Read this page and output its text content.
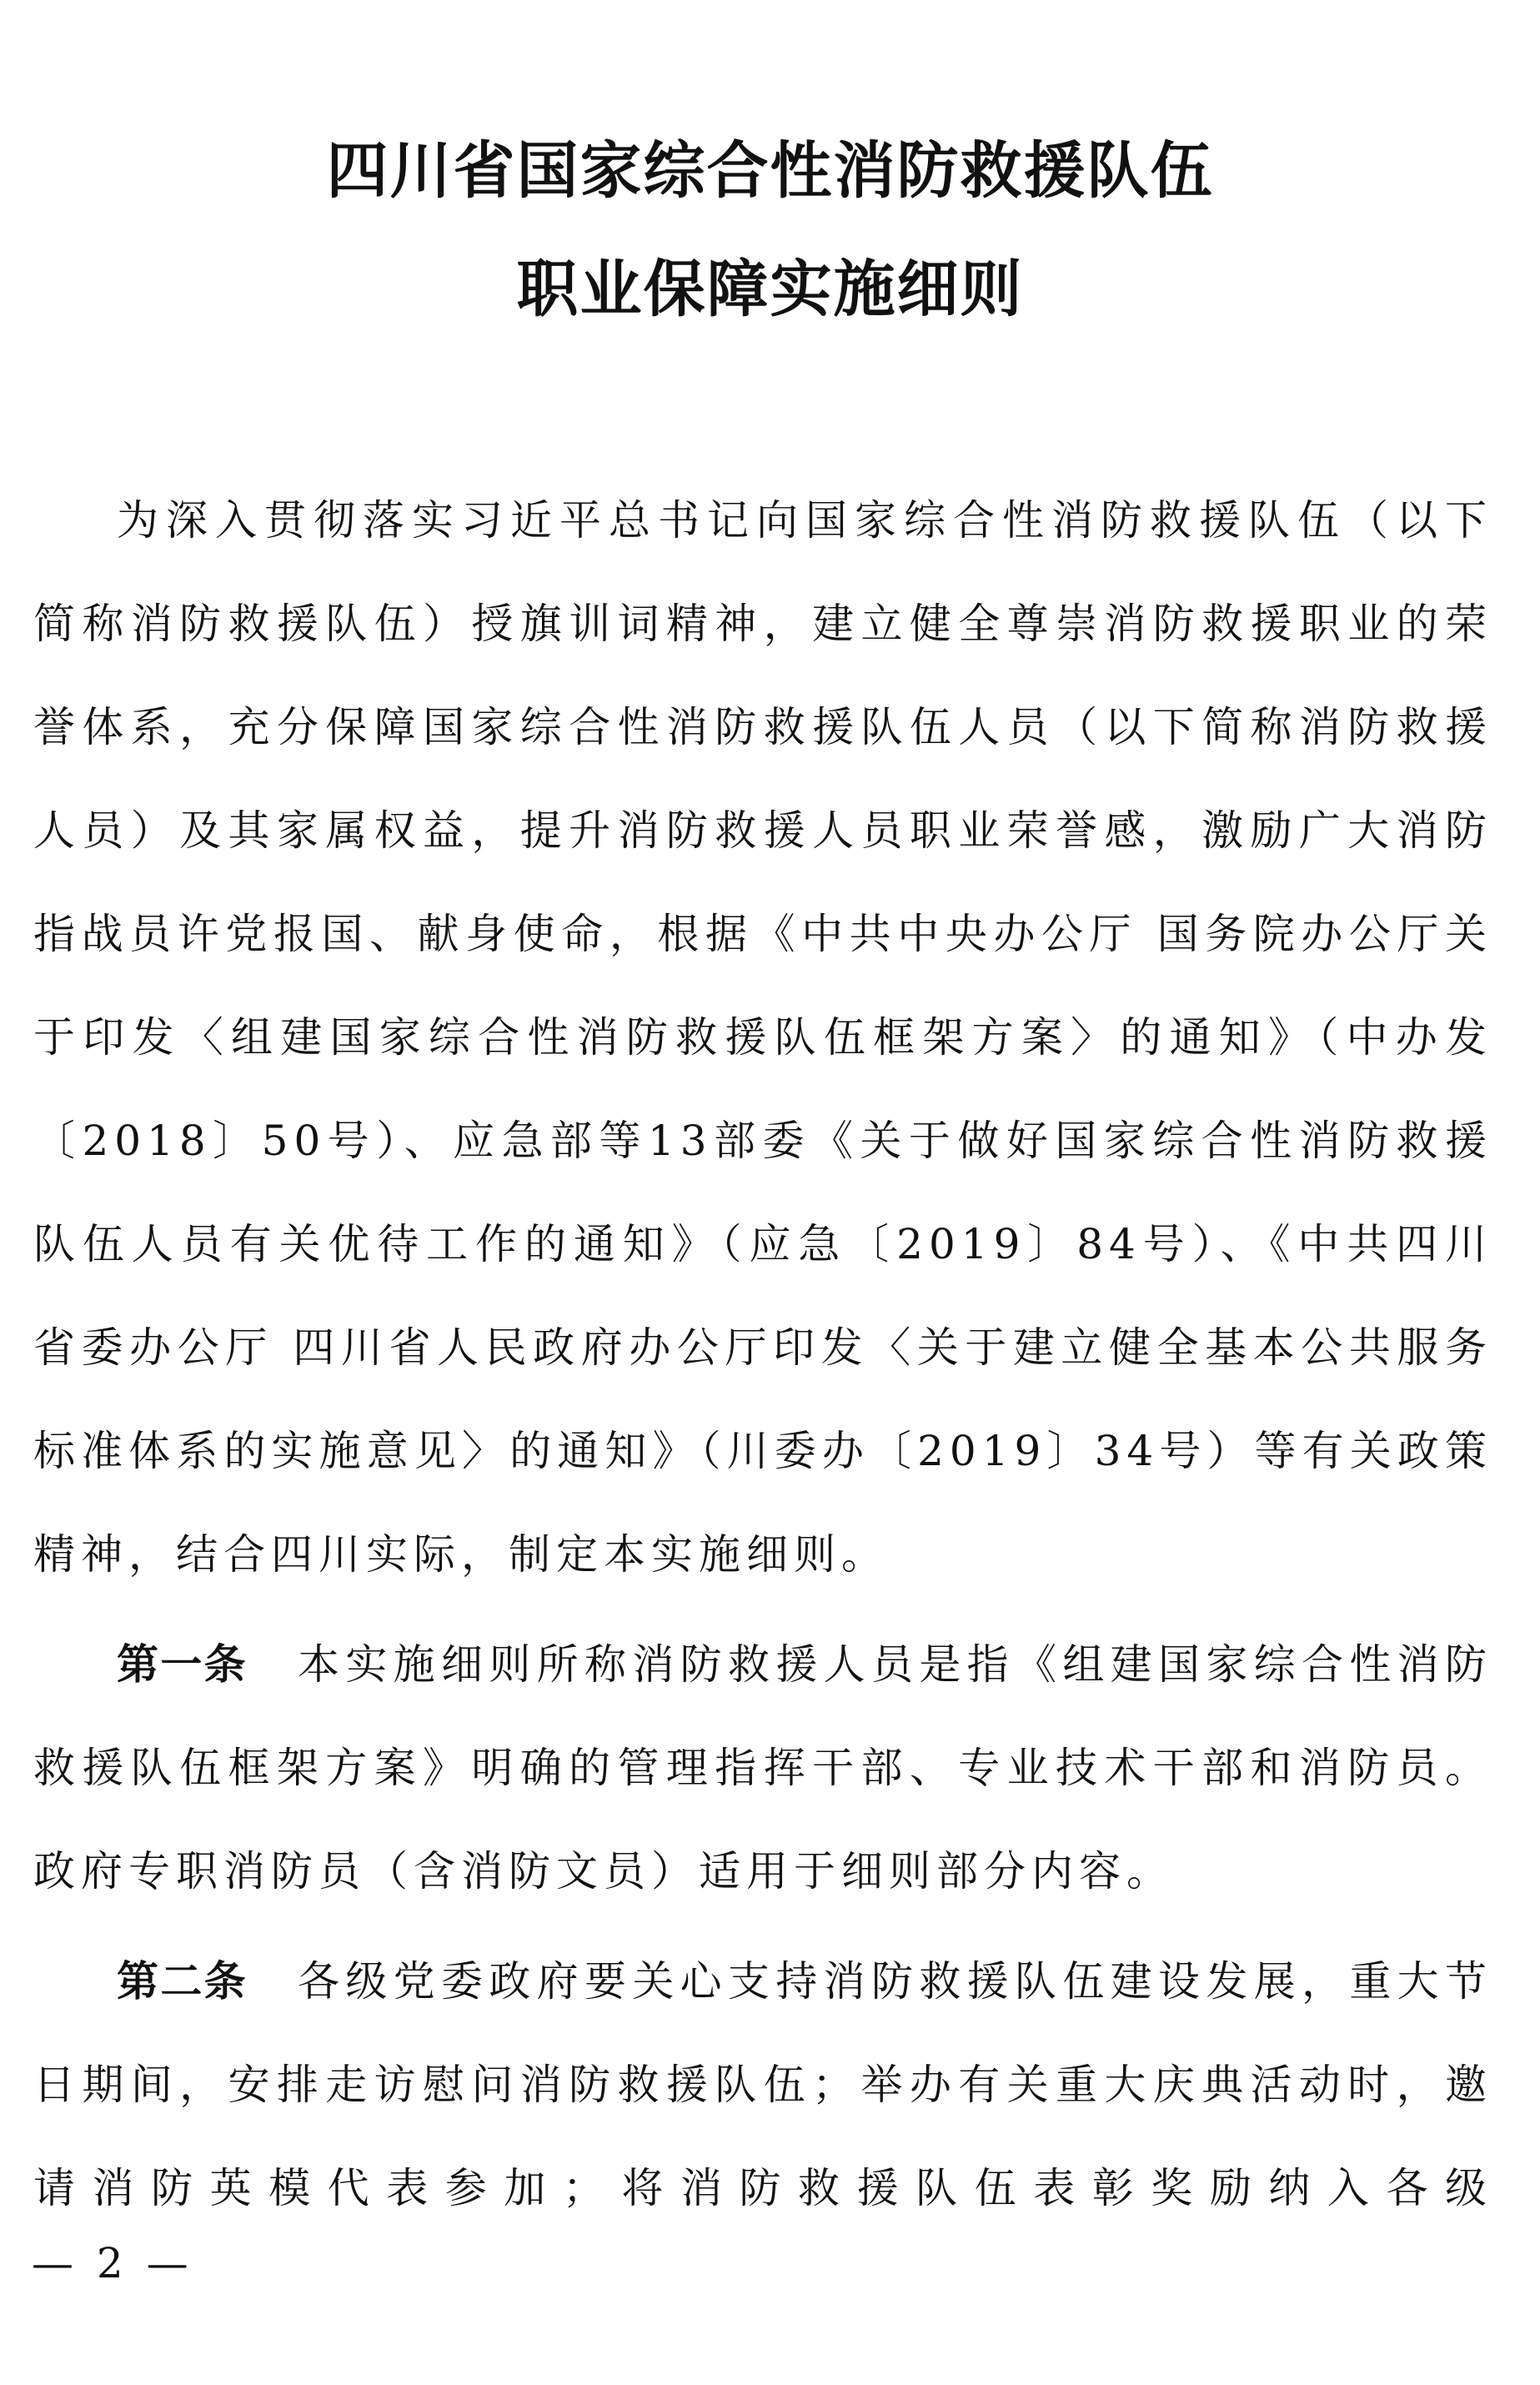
四川省国家综合性消防救援队伍
职业保障实施细则

为深入贯彻落实习近平总书记向国家综合性消防救援队伍（以下简称消防救援队伍）授旗训词精神，建立健全尊崇消防救援职业的荣誉体系，充分保障国家综合性消防救援队伍人员（以下简称消防救援人员）及其家属权益，提升消防救援人员职业荣誉感，激励广大消防指战员许党报国、献身使命，根据《中共中央办公厅 国务院办公厅关于印发〈组建国家综合性消防救援队伍框架方案〉的通知》（中办发〔2018〕50号）、应急部等13部委《关于做好国家综合性消防救援队伍人员有关优待工作的通知》（应急〔2019〕84号）、《中共四川省委办公厅 四川省人民政府办公厅印发〈关于建立健全基本公共服务标准体系的实施意见〉的通知》（川委办〔2019〕34号）等有关政策精神，结合四川实际，制定本实施细则。

第一条 本实施细则所称消防救援人员是指《组建国家综合性消防救援队伍框架方案》明确的管理指挥干部、专业技术干部和消防员。政府专职消防员（含消防文员）适用于细则部分内容。

第二条 各级党委政府要关心支持消防救援队伍建设发展，重大节日期间，安排走访慰问消防救援队伍；举办有关重大庆典活动时，邀请消防英模代表参加；将消防救援队伍表彰奖励纳入各级

— 2 —
